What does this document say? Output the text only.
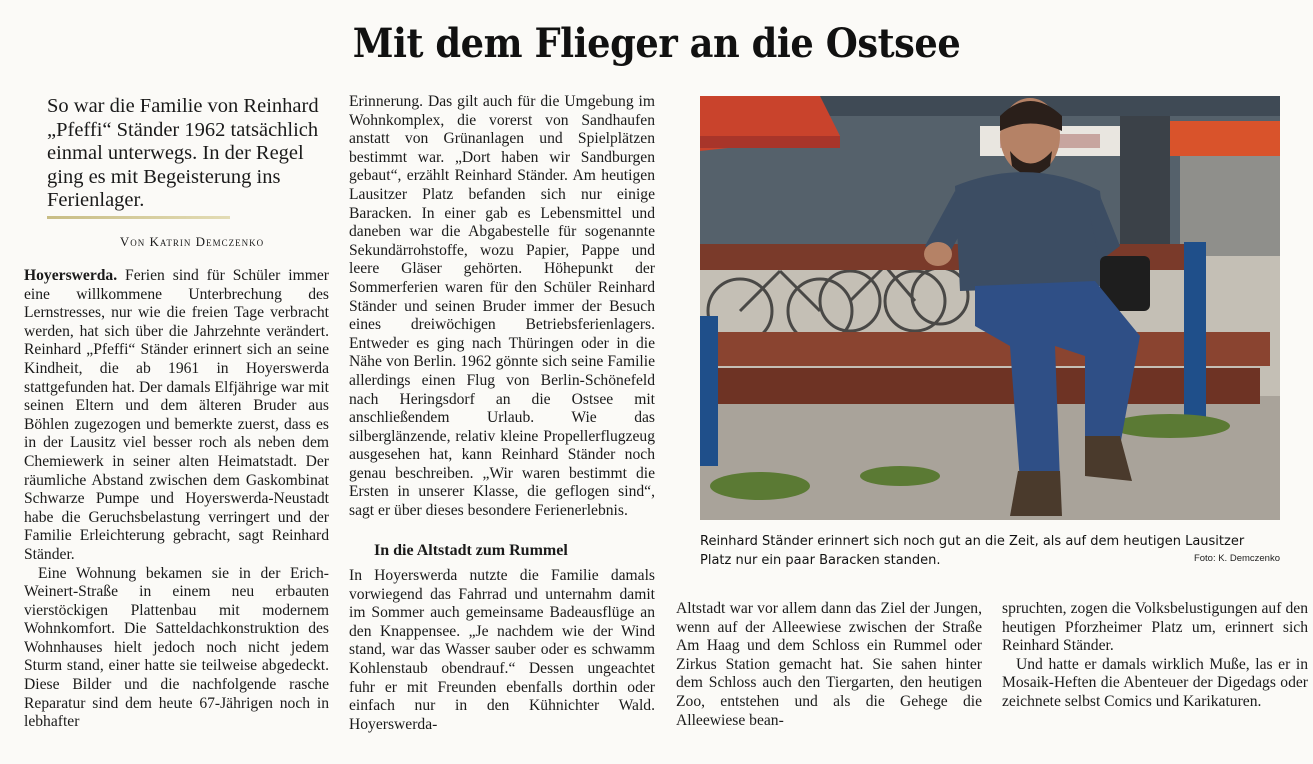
Mit dem Flieger an die Ostsee
So war die Familie von Reinhard „Pfeffi“ Ständer 1962 tatsächlich einmal unterwegs. In der Regel ging es mit Begeisterung ins Ferienlager.
Von Katrin Demczenko

Hoyerswerda. Ferien sind für Schüler immer eine willkommene Unterbrechung des Lernstresses, nur wie die freien Tage verbracht werden, hat sich über die Jahrzehnte verändert. Reinhard „Pfeffi“ Ständer erinnert sich an seine Kindheit, die ab 1961 in Hoyerswerda stattgefunden hat. Der damals Elfjährige war mit seinen Eltern und dem älteren Bruder aus Böhlen zugezogen und bemerkte zuerst, dass es in der Lausitz viel besser roch als neben dem Chemiewerk in seiner alten Heimatstadt. Der räumliche Abstand zwischen dem Gaskombinat Schwarze Pumpe und Hoyerswerda-Neustadt habe die Geruchsbelastung verringert und der Familie Erleichterung gebracht, sagt Reinhard Ständer.

Eine Wohnung bekamen sie in der Erich-Weinert-Straße in einem neu erbauten vierstöckigen Plattenbau mit modernem Wohnkomfort. Die Satteldachkonstruktion des Wohnhauses hielt jedoch noch nicht jedem Sturm stand, einer hatte sie teilweise abgedeckt. Diese Bilder und die nachfolgende rasche Reparatur sind dem heute 67-Jährigen noch in lebhafter

Erinnerung. Das gilt auch für die Umgebung im Wohnkomplex, die vorerst von Sandhaufen anstatt von Grünanlagen und Spielplätzen bestimmt war. „Dort haben wir Sandburgen gebaut“, erzählt Reinhard Ständer. Am heutigen Lausitzer Platz befanden sich nur einige Baracken. In einer gab es Lebensmittel und daneben war die Abgabestelle für sogenannte Sekundärrohstoffe, wozu Papier, Pappe und leere Gläser gehörten. Höhepunkt der Sommerferien waren für den Schüler Reinhard Ständer und seinen Bruder immer der Besuch eines dreiwöchigen Betriebsferienlagers. Entweder es ging nach Thüringen oder in die Nähe von Berlin. 1962 gönnte sich seine Familie allerdings einen Flug von Berlin-Schönefeld nach Heringsdorf an die Ostsee mit anschließendem Urlaub. Wie das silberglänzende, relativ kleine Propellerflugzeug ausgesehen hat, kann Reinhard Ständer noch genau beschreiben. „Wir waren bestimmt die Ersten in unserer Klasse, die geflogen sind“, sagt er über dieses besondere Ferienerlebnis.

In die Altstadt zum Rummel

In Hoyerswerda nutzte die Familie damals vorwiegend das Fahrrad und unternahm damit im Sommer auch gemeinsame Badeausflüge an den Knappensee. „Je nachdem wie der Wind stand, war das Wasser sauber oder es schwamm Kohlenstaub obendrauf.“ Dessen ungeachtet fuhr er mit Freunden ebenfalls dorthin oder einfach nur in den Kühnichter Wald. Hoyerswerda-

Reinhard Ständer erinnert sich noch gut an die Zeit, als auf dem heutigen Lausitzer Platz nur ein paar Baracken standen.	Foto: K. Demczenko

Altstadt war vor allem dann das Ziel der Jungen, wenn auf der Alleewiese zwischen der Straße Am Haag und dem Schloss ein Rummel oder Zirkus Station gemacht hat. Sie sahen hinter dem Schloss auch den Tiergarten, den heutigen Zoo, entstehen und als die Gehege die Alleewiese bean-

spruchten, zogen die Volksbelustigungen auf den heutigen Pforzheimer Platz um, erinnert sich Reinhard Ständer.

Und hatte er damals wirklich Muße, las er in Mosaik-Heften die Abenteuer der Digedags oder zeichnete selbst Comics und Karikaturen.
